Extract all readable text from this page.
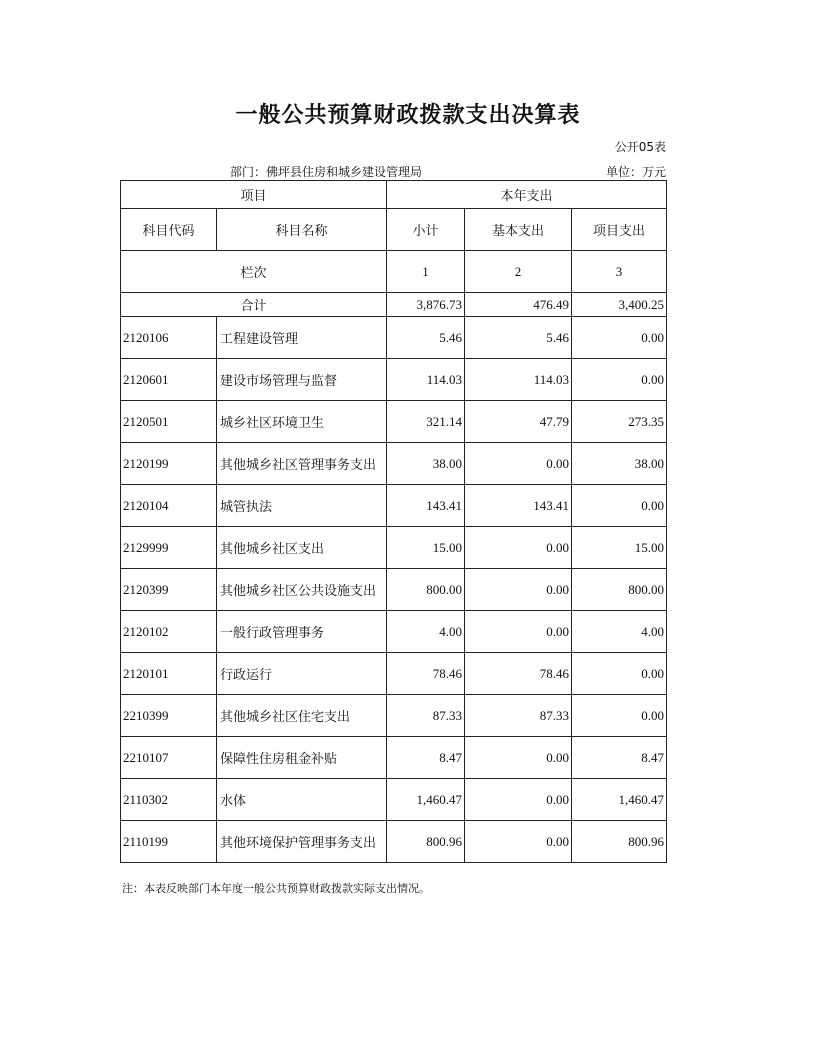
一般公共预算财政拨款支出决算表
公开05表
部门：佛坪县住房和城乡建设管理局	单位：万元
项目		本年支出		
科目代码	科目名称	小计	基本支出	项目支出
栏次		1	2	3
合计		3,876.73	476.49	3,400.25
2120106	工程建设管理	5.46	5.46	0.00
2120601	建设市场管理与监督	114.03	114.03	0.00
2120501	城乡社区环境卫生	321.14	47.79	273.35
2120199	其他城乡社区管理事务支出	38.00	0.00	38.00
2120104	城管执法	143.41	143.41	0.00
2129999	其他城乡社区支出	15.00	0.00	15.00
2120399	其他城乡社区公共设施支出	800.00	0.00	800.00
2120102	一般行政管理事务	4.00	0.00	4.00
2120101	行政运行	78.46	78.46	0.00
2210399	其他城乡社区住宅支出	87.33	87.33	0.00
2210107	保障性住房租金补贴	8.47	0.00	8.47
2110302	水体	1,460.47	0.00	1,460.47
2110199	其他环境保护管理事务支出	800.96	0.00	800.96
注：本表反映部门本年度一般公共预算财政拨款实际支出情况。
